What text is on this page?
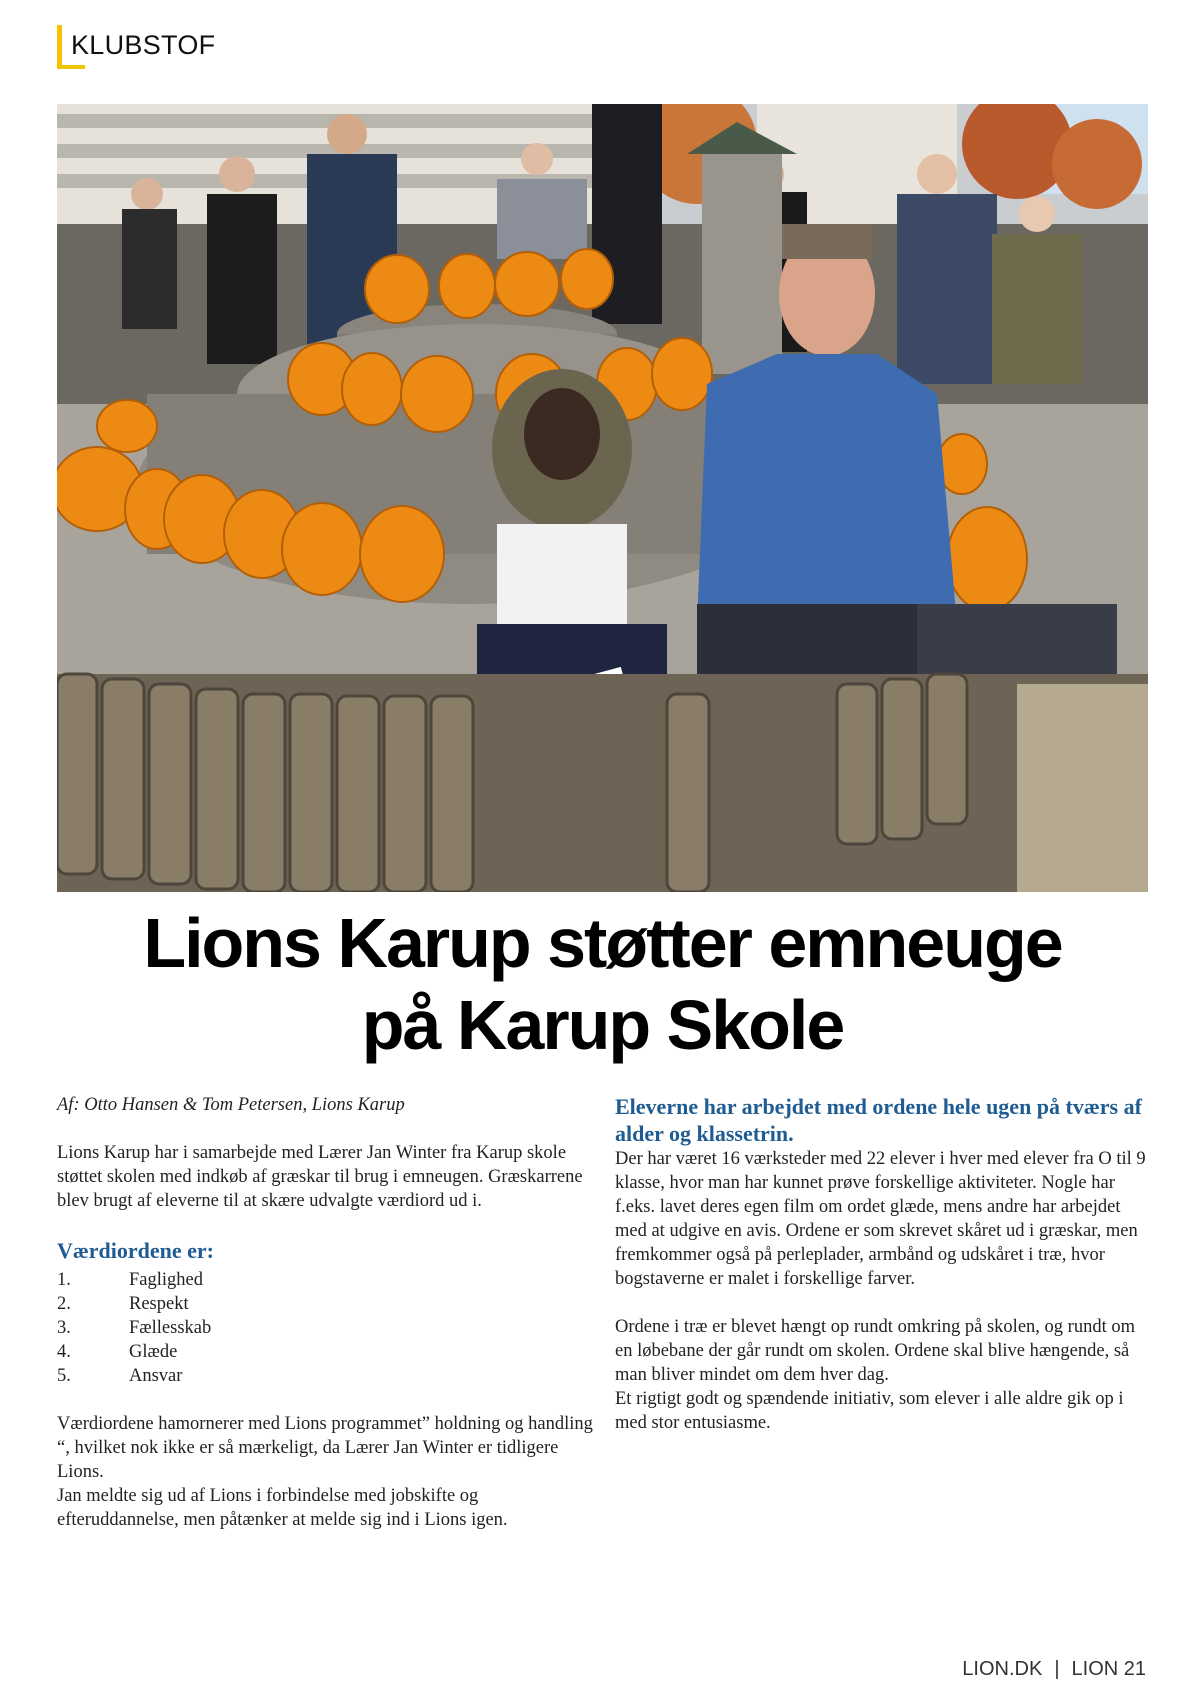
KLUBSTOF
Lions Karup støtter emneuge
på Karup Skole

Af: Otto Hansen & Tom Petersen, Lions Karup

Lions Karup har i samarbejde med Lærer Jan Winter fra Karup skole støttet skolen med indkøb af græskar til brug i emneugen. Græskarrene blev brugt af eleverne til at skære udvalgte værdiord ud i.

Værdiordene er:
1.	Faglighed
2.	Respekt
3.	Fællesskab
4.	Glæde
5.	Ansvar

Værdiordene hamornerer med Lions programmet” holdning og handling “, hvilket nok ikke er så mærkeligt, da Lærer Jan Winter er tidligere Lions.

Jan meldte sig ud af Lions i forbindelse med jobskifte og efteruddannelse, men påtænker at melde sig ind i Lions igen.

Eleverne har arbejdet med ordene hele ugen på tværs af alder og klassetrin.

Der har været 16 værksteder med 22 elever i hver med elever fra O til 9 klasse, hvor man har kunnet prøve forskellige aktiviteter. Nogle har f.eks. lavet deres egen film om ordet glæde, mens andre har arbejdet med at udgive en avis. Ordene er som skrevet skåret ud i græskar, men fremkommer også på perleplader, armbånd og udskåret i træ, hvor bogstaverne er malet i forskellige farver.

Ordene i træ er blevet hængt op rundt omkring på skolen, og rundt om en løbebane der går rundt om skolen. Ordene skal blive hængende, så man bliver mindet om dem hver dag.

Et rigtigt godt og spændende initiativ, som elever i alle aldre gik op i med stor entusiasme.

LION.DK | LION 21
